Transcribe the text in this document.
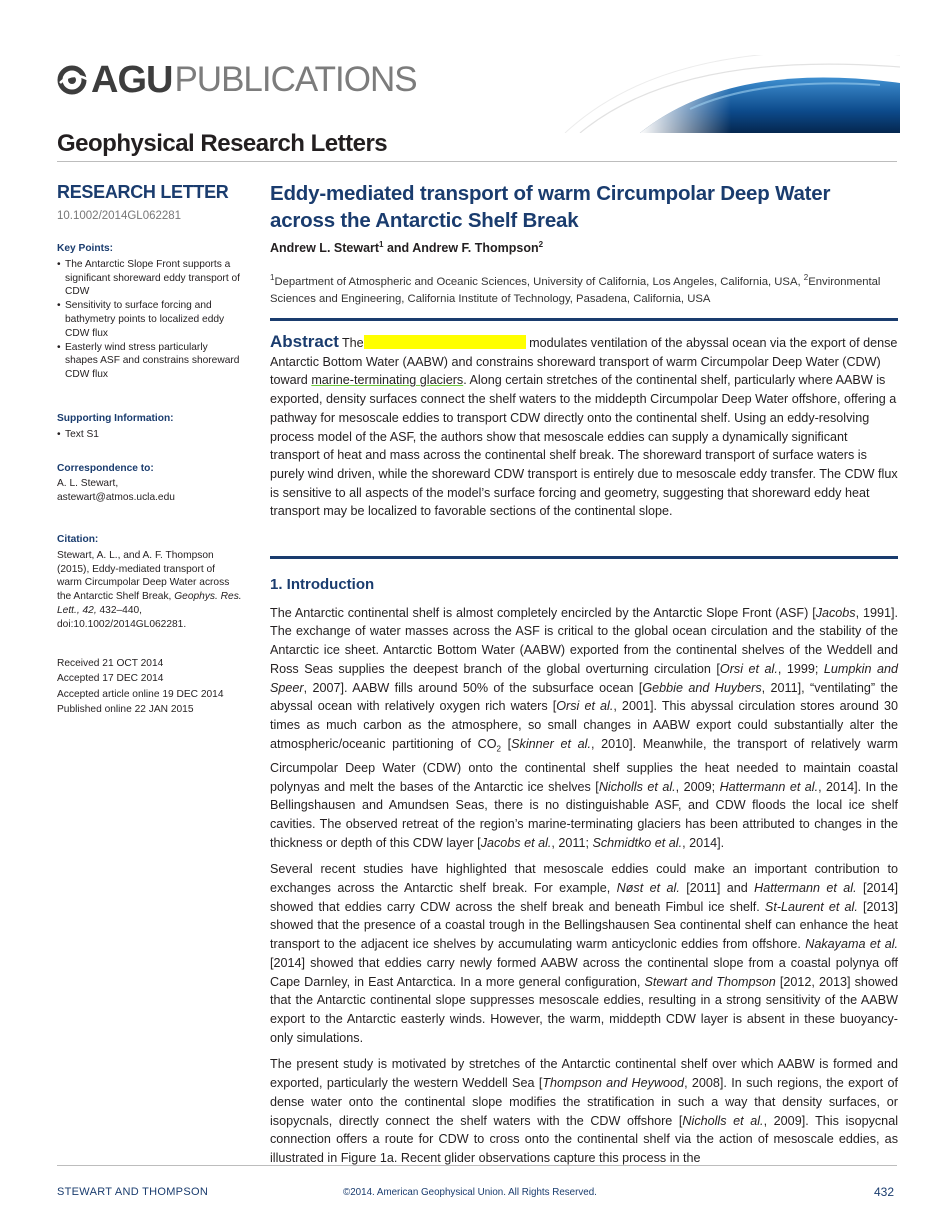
AGU PUBLICATIONS
Geophysical Research Letters
RESEARCH LETTER
10.1002/2014GL062281
Key Points:
• The Antarctic Slope Front supports a significant shoreward eddy transport of CDW
• Sensitivity to surface forcing and bathymetry points to localized eddy CDW flux
• Easterly wind stress particularly shapes ASF and constrains shoreward CDW flux
Supporting Information:
• Text S1
Correspondence to:
A. L. Stewart,
astewart@atmos.ucla.edu
Citation:
Stewart, A. L., and A. F. Thompson (2015), Eddy-mediated transport of warm Circumpolar Deep Water across the Antarctic Shelf Break, Geophys. Res. Lett., 42, 432–440, doi:10.1002/2014GL062281.
Received 21 OCT 2014
Accepted 17 DEC 2014
Accepted article online 19 DEC 2014
Published online 22 JAN 2015
Eddy-mediated transport of warm Circumpolar Deep Water across the Antarctic Shelf Break
Andrew L. Stewart$^1$ and Andrew F. Thompson$^2$
$^1$Department of Atmospheric and Oceanic Sciences, University of California, Los Angeles, California, USA, $^2$Environmental Sciences and Engineering, California Institute of Technology, Pasadena, California, USA
Abstract The	modulates ventilation of the abyssal ocean via the export of dense Antarctic Bottom Water (AABW) and constrains shoreward transport of warm Circumpolar Deep Water (CDW) toward marine-terminating glaciers. Along certain stretches of the continental shelf, particularly where AABW is exported, density surfaces connect the shelf waters to the middepth Circumpolar Deep Water offshore, offering a pathway for mesoscale eddies to transport CDW directly onto the continental shelf. Using an eddy-resolving process model of the ASF, the authors show that mesoscale eddies can supply a dynamically significant transport of heat and mass across the continental shelf break. The shoreward transport of surface waters is purely wind driven, while the shoreward CDW transport is entirely due to mesoscale eddy transfer. The CDW flux is sensitive to all aspects of the model’s surface forcing and geometry, suggesting that shoreward eddy heat transport may be localized to favorable sections of the continental slope.
1. Introduction

The Antarctic continental shelf is almost completely encircled by the Antarctic Slope Front (ASF) [Jacobs, 1991]. The exchange of water masses across the ASF is critical to the global ocean circulation and the stability of the Antarctic ice sheet. Antarctic Bottom Water (AABW) exported from the continental shelves of the Weddell and Ross Seas supplies the deepest branch of the global overturning circulation [Orsi et al., 1999; Lumpkin and Speer, 2007]. AABW fills around 50% of the subsurface ocean [Gebbie and Huybers, 2011], “ventilating” the abyssal ocean with relatively oxygen rich waters [Orsi et al., 2001]. This abyssal circulation stores around 30 times as much carbon as the atmosphere, so small changes in AABW export could substantially alter the atmospheric/oceanic partitioning of $CO_2$ [Skinner et al., 2010]. Meanwhile, the transport of relatively warm Circumpolar Deep Water (CDW) onto the continental shelf supplies the heat needed to maintain coastal polynyas and melt the bases of the Antarctic ice shelves [Nicholls et al., 2009; Hattermann et al., 2014]. In the Bellingshausen and Amundsen Seas, there is no distinguishable ASF, and CDW floods the local ice shelf cavities. The observed retreat of the region’s marine-terminating glaciers has been attributed to changes in the thickness or depth of this CDW layer [Jacobs et al., 2011; Schmidtko et al., 2014].

Several recent studies have highlighted that mesoscale eddies could make an important contribution to exchanges across the Antarctic shelf break. For example, Nøst et al. [2011] and Hattermann et al. [2014] showed that eddies carry CDW across the shelf break and beneath Fimbul ice shelf. St-Laurent et al. [2013] showed that the presence of a coastal trough in the Bellingshausen Sea continental shelf can enhance the heat transport to the adjacent ice shelves by accumulating warm anticyclonic eddies from offshore. Nakayama et al. [2014] showed that eddies carry newly formed AABW across the continental slope from a coastal polynya off Cape Darnley, in East Antarctica. In a more general configuration, Stewart and Thompson [2012, 2013] showed that the Antarctic continental slope suppresses mesoscale eddies, resulting in a strong sensitivity of the AABW export to the Antarctic easterly winds. However, the warm, middepth CDW layer is absent in these buoyancy-only simulations.

The present study is motivated by stretches of the Antarctic continental shelf over which AABW is formed and exported, particularly the western Weddell Sea [Thompson and Heywood, 2008]. In such regions, the export of dense water onto the continental slope modifies the stratification in such a way that density surfaces, or isopycnals, directly connect the shelf waters with the CDW offshore [Nicholls et al., 2009]. This isopycnal connection offers a route for CDW to cross onto the continental shelf via the action of mesoscale eddies, as illustrated in Figure 1a. Recent glider observations capture this process in the

STEWART AND THOMPSON	©2014. American Geophysical Union. All Rights Reserved.	432
